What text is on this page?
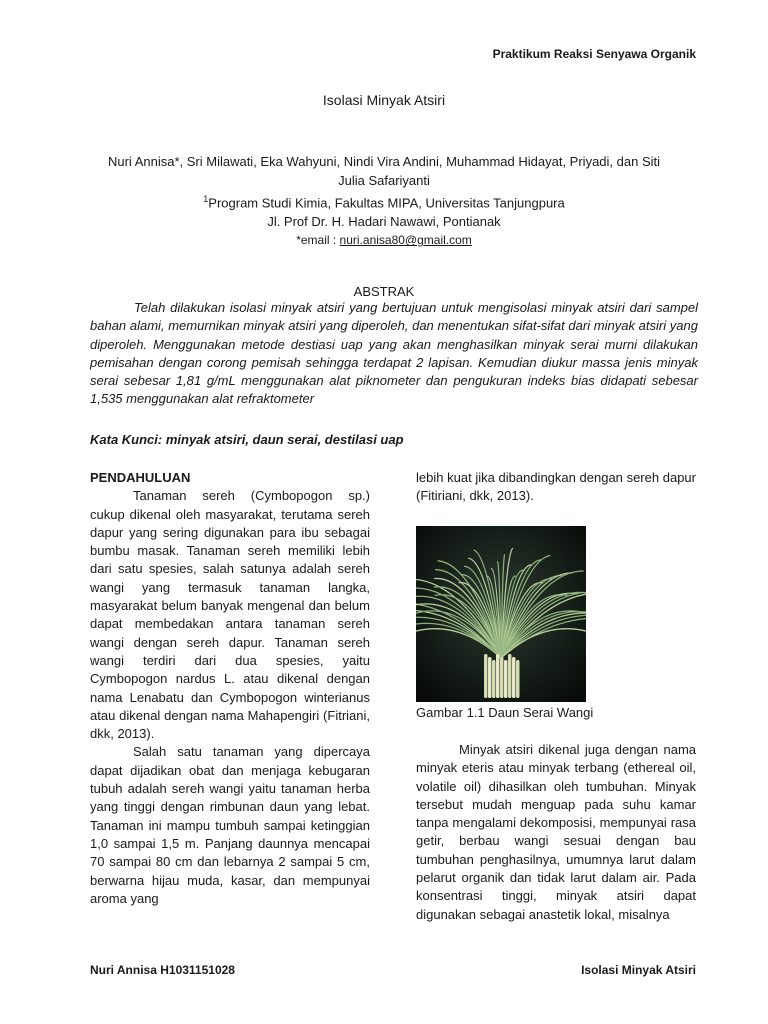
Praktikum Reaksi Senyawa Organik
Isolasi Minyak Atsiri
Nuri Annisa*, Sri Milawati, Eka Wahyuni, Nindi Vira Andini, Muhammad Hidayat, Priyadi, dan Siti
Julia Safariyanti
$^1$Program Studi Kimia, Fakultas MIPA, Universitas Tanjungpura
Jl. Prof Dr. H. Hadari Nawawi, Pontianak
*email : nuri.anisa80@gmail.com
ABSTRAK

Telah dilakukan isolasi minyak atsiri yang bertujuan untuk mengisolasi minyak atsiri dari sampel bahan alami, memurnikan minyak atsiri yang diperoleh, dan menentukan sifat-sifat dari minyak atsiri yang diperoleh. Menggunakan metode destiasi uap yang akan menghasilkan minyak serai murni dilakukan pemisahan dengan corong pemisah sehingga terdapat 2 lapisan. Kemudian diukur massa jenis minyak serai sebesar 1,81 g/mL menggunakan alat piknometer dan pengukuran indeks bias didapati sebesar 1,535 menggunakan alat refraktometer

Kata Kunci: minyak atsiri, daun serai, destilasi uap

PENDAHULUAN

Tanaman sereh (Cymbopogon sp.) cukup dikenal oleh masyarakat, terutama sereh dapur yang sering digunakan para ibu sebagai bumbu masak. Tanaman sereh memiliki lebih dari satu spesies, salah satunya adalah sereh wangi yang termasuk tanaman langka, masyarakat belum banyak mengenal dan belum dapat membedakan antara tanaman sereh wangi dengan sereh dapur. Tanaman sereh wangi terdiri dari dua spesies, yaitu Cymbopogon nardus L. atau dikenal dengan nama Lenabatu dan Cymbopogon winterianus atau dikenal dengan nama Mahapengiri (Fitriani, dkk, 2013).

Salah satu tanaman yang dipercaya dapat dijadikan obat dan menjaga kebugaran tubuh adalah sereh wangi yaitu tanaman herba yang tinggi dengan rimbunan daun yang lebat. Tanaman ini mampu tumbuh sampai ketinggian 1,0 sampai 1,5 m. Panjang daunnya mencapai 70 sampai 80 cm dan lebarnya 2 sampai 5 cm, berwarna hijau muda, kasar, dan mempunyai aroma yang

lebih kuat jika dibandingkan dengan sereh dapur (Fitiriani, dkk, 2013).

Gambar 1.1 Daun Serai Wangi

Minyak atsiri dikenal juga dengan nama minyak eteris atau minyak terbang (ethereal oil, volatile oil) dihasilkan oleh tumbuhan. Minyak tersebut mudah menguap pada suhu kamar tanpa mengalami dekomposisi, mempunyai rasa getir, berbau wangi sesuai dengan bau tumbuhan penghasilnya, umumnya larut dalam pelarut organik dan tidak larut dalam air. Pada konsentrasi tinggi, minyak atsiri dapat digunakan sebagai anastetik lokal, misalnya

Nuri Annisa H1031151028	Isolasi Minyak Atsiri
